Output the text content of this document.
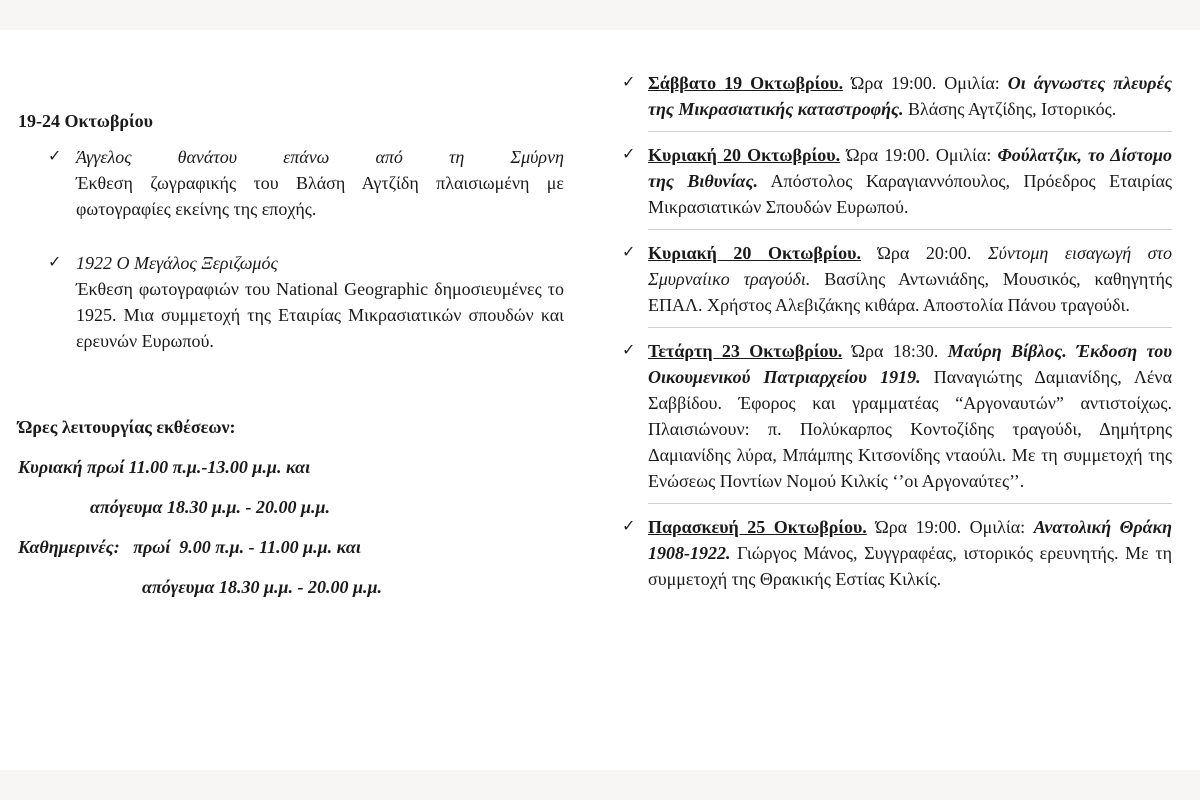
19-24 Οκτωβρίου
✓ Άγγελος θανάτου επάνω από τη Σμύρνη
Έκθεση ζωγραφικής του Βλάση Αγτζίδη πλαισιωμένη με φωτογραφίες εκείνης της εποχής.
✓ 1922 Ο Μεγάλος Ξεριζωμός
Έκθεση φωτογραφιών του National Geographic δημοσιευμένες το 1925. Μια συμμετοχή της Εταιρίας Μικρασιατικών σπουδών και ερευνών Ευρωπού.
Ώρες λειτουργίας εκθέσεων:
Κυριακή πρωί 11.00 π.μ.-13.00 μ.μ. και
απόγευμα 18.30 μ.μ. - 20.00 μ.μ.
Καθημερινές:   πρωί  9.00 π.μ. - 11.00 μ.μ. και
απόγευμα 18.30 μ.μ. - 20.00 μ.μ.
✓ Σάββατο 19 Οκτωβρίου. Ώρα 19:00. Ομιλία: Οι άγνωστες πλευρές της Μικρασιατικής καταστροφής. Βλάσης Αγτζίδης, Ιστορικός.
✓ Κυριακή 20 Οκτωβρίου. Ώρα 19:00. Ομιλία: Φούλατζικ, το Δίστομο της Βιθυνίας. Απόστολος Καραγιαννόπουλος, Πρόεδρος Εταιρίας Μικρασιατικών Σπουδών Ευρωπού.
✓ Κυριακή 20 Οκτωβρίου. Ώρα 20:00. Σύντομη εισαγωγή στο Σμυρναίικο τραγούδι. Βασίλης Αντωνιάδης, Μουσικός, καθηγητής ΕΠΑΛ. Χρήστος Αλεβιζάκης κιθάρα. Αποστολία Πάνου τραγούδι.
✓ Τετάρτη 23 Οκτωβρίου. Ώρα 18:30. Μαύρη Βίβλος. Έκδοση του Οικουμενικού Πατριαρχείου 1919. Παναγιώτης Δαμιανίδης, Λένα Σαββίδου. Έφορος και γραμματέας “Αργοναυτών” αντιστοίχως. Πλαισιώνουν: π. Πολύκαρπος Κοντοζίδης τραγούδι, Δημήτρης Δαμιανίδης λύρα, Μπάμπης Κιτσονίδης νταούλι. Με τη συμμετοχή της Ενώσεως Ποντίων Νομού Κιλκίς ‘’οι Αργοναύτες’’.
✓ Παρασκευή 25 Οκτωβρίου. Ώρα 19:00. Ομιλία: Ανατολική Θράκη 1908-1922. Γιώργος Μάνος, Συγγραφέας, ιστορικός ερευνητής. Με τη συμμετοχή της Θρακικής Εστίας Κιλκίς.
